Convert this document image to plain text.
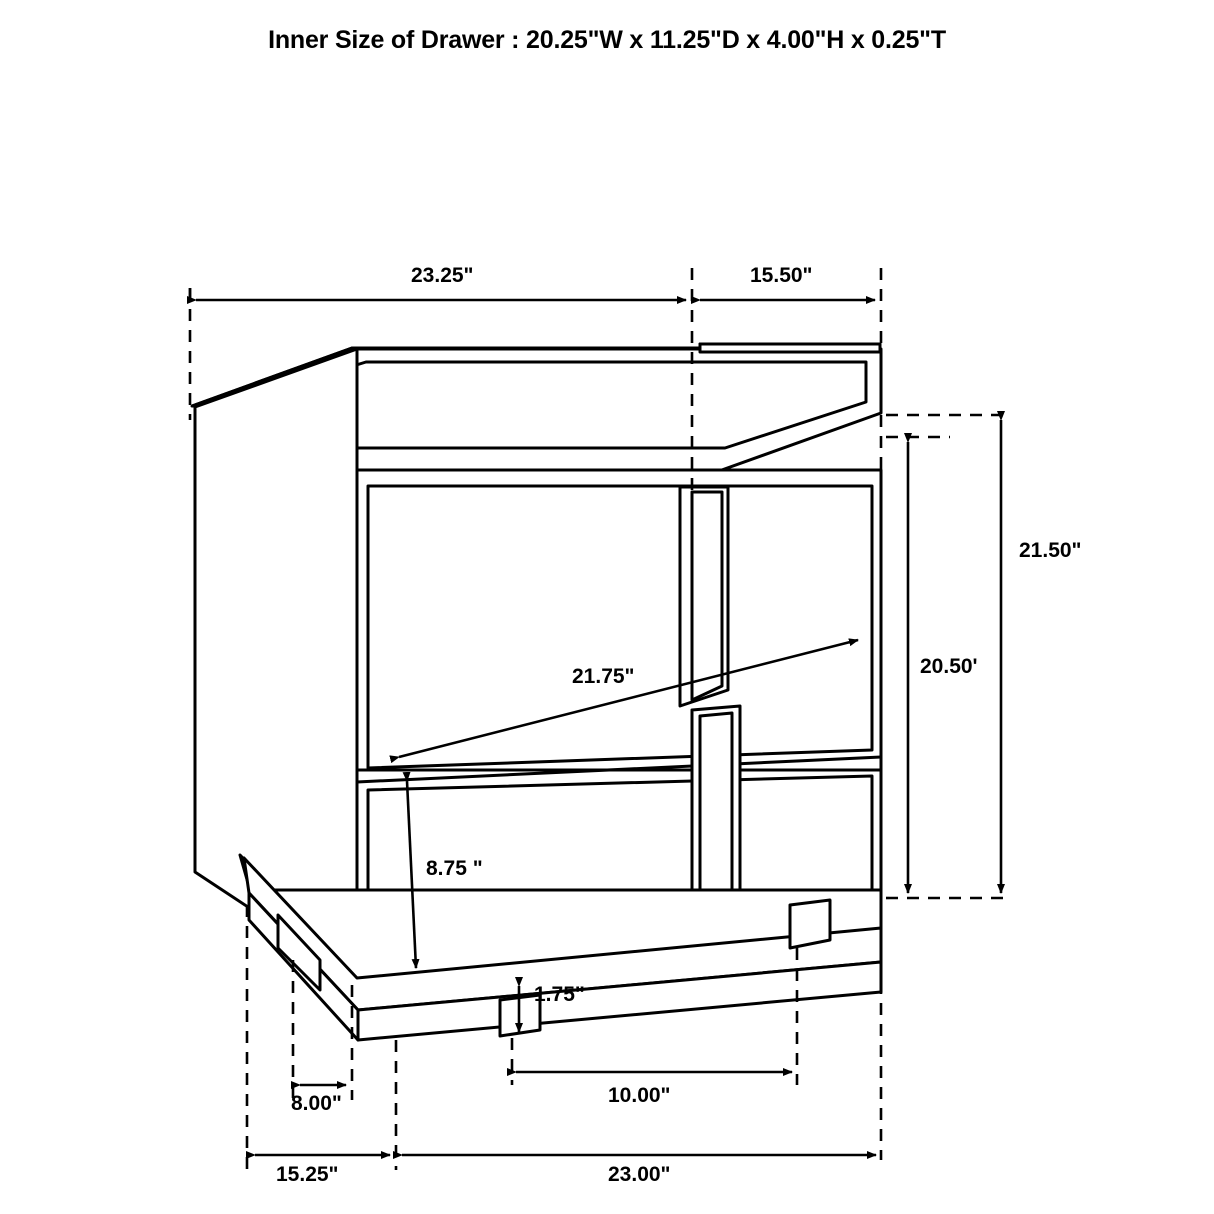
Inner Size of Drawer : 20.25"W x 11.25"D x 4.00"H x 0.25"T
23.25"	15.50"
21.50"
20.50'
21.75"
8.75 "
1.75"
8.00"	10.00"
15.25"	23.00"
